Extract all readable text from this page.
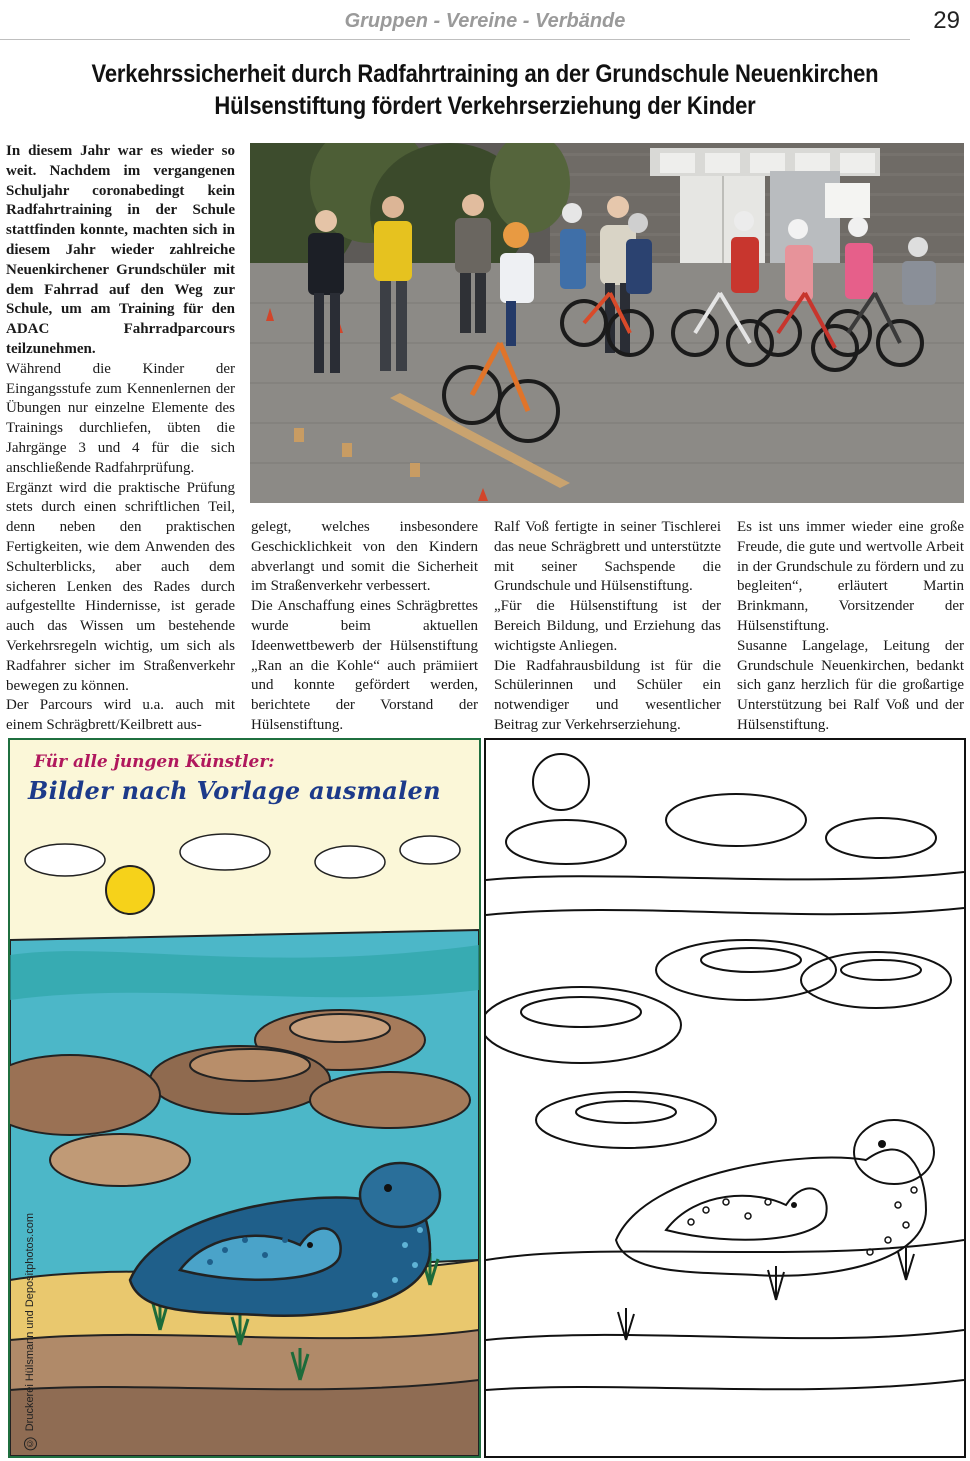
Gruppen - Vereine - Verbände	29
Verkehrssicherheit durch Radfahrtraining an der Grundschule Neuenkirchen
Hülsenstiftung fördert Verkehrserziehung der Kinder

In diesem Jahr war es wieder so weit. Nachdem im vergangenen Schuljahr coronabedingt kein Radfahrtraining in der Schule stattfinden konnte, machten sich in diesem Jahr wieder zahlreiche Neuenkirchener Grundschüler mit dem Fahrrad auf den Weg zur Schule, um am Training für den ADAC Fahrradparcours teilzunehmen.

Während die Kinder der Eingangsstufe zum Kennenlernen der Übungen nur einzelne Elemente des Trainings durchliefen, übten die Jahrgänge 3 und 4 für die sich anschließende Radfahrprüfung.

Ergänzt wird die praktische Prüfung stets durch einen schriftlichen Teil, denn neben den praktischen Fertigkeiten, wie dem Anwenden des Schulterblicks, aber auch dem sicheren Lenken des Rades durch aufgestellte Hindernisse, ist gerade auch das Wissen um bestehende Verkehrsregeln wichtig, um sich als Radfahrer sicher im Straßenverkehr bewegen zu können.

Der Parcours wird u.a. auch mit einem Schrägbrett/Keilbrett aus-

gelegt, welches insbesondere Geschicklichkeit von den Kindern abverlangt und somit die Sicherheit im Straßenverkehr verbessert.

Die Anschaffung eines Schrägbrettes wurde beim aktuellen Ideenwettbewerb der Hülsenstiftung „Ran an die Kohle“ auch prämiiert und konnte gefördert werden, berichtete der Vorstand der Hülsenstiftung.

Ralf Voß fertigte in seiner Tischlerei das neue Schrägbrett und unterstützte mit seiner Sachspende die Grundschule und Hülsenstiftung.

„Für die Hülsenstiftung ist der Bereich Bildung, und Erziehung das wichtigste Anliegen.

Die Radfahrausbildung ist für die Schülerinnen und Schüler ein notwendiger und wesentlicher Beitrag zur Verkehrserziehung.

Es ist uns immer wieder eine große Freude, die gute und wertvolle Arbeit in der Grundschule zu fördern und zu begleiten“, erläutert Martin Brinkmann, Vorsitzender der Hülsenstiftung.

Susanne Langelage, Leitung der Grundschule Neuenkirchen, bedankt sich ganz herzlich für die großartige Unterstützung bei Ralf Voß und der Hülsenstiftung.

Für alle jungen Künstler:
Bilder nach Vorlage ausmalen
© Druckerei Hülsmann und Depositphotos.com
